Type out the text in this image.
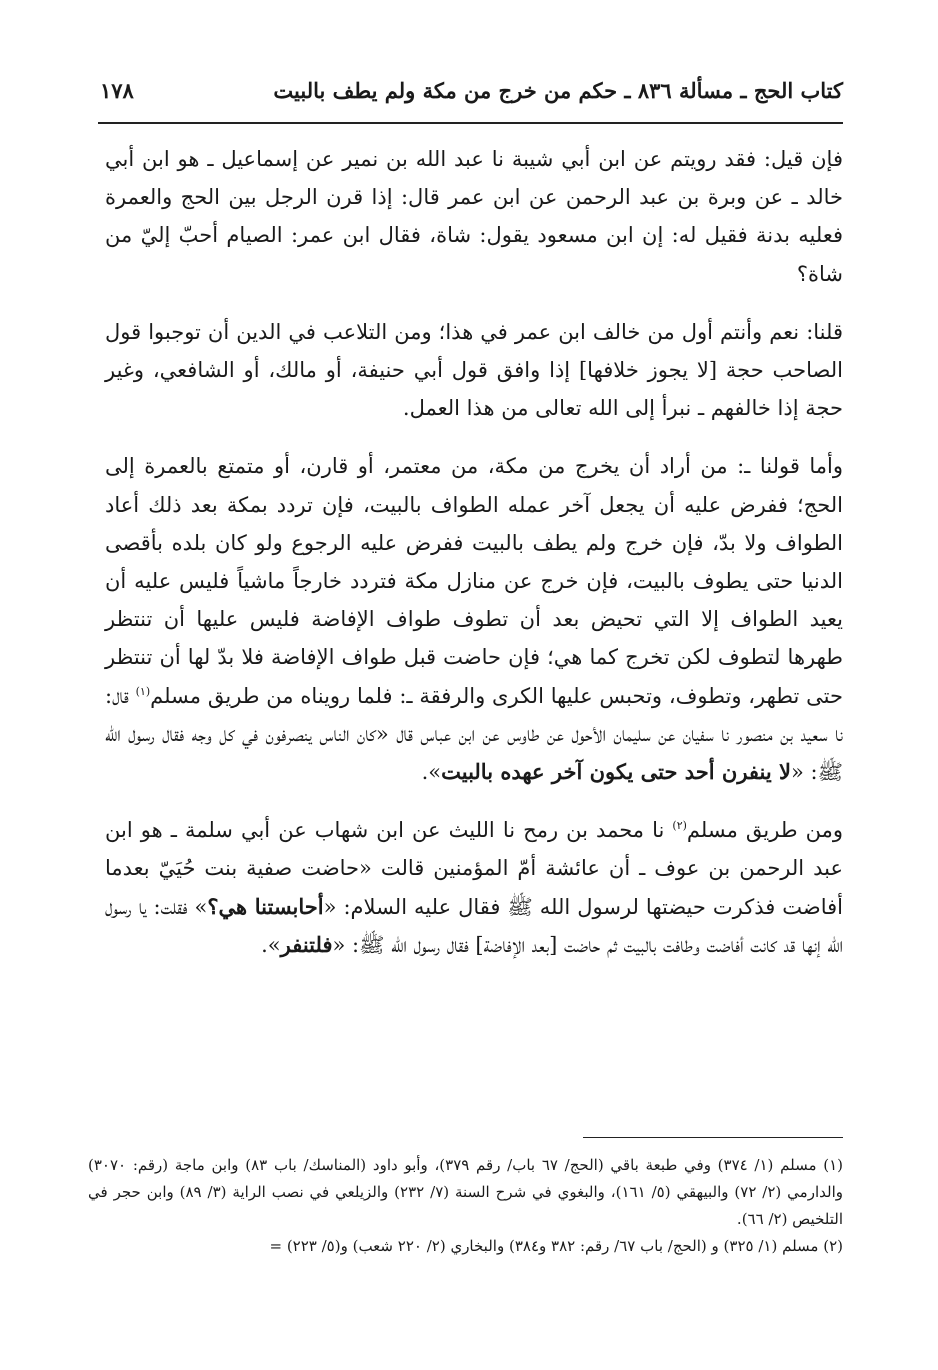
كتاب الحج ـ مسألة ٨٣٦ ـ حكم من خرج من مكة ولم يطف بالبيت
١٧٨

فإن قيل: فقد رويتم عن ابن أبي شيبة نا عبد الله بن نمير عن إسماعيل ـ هو ابن أبي خالد ـ عن وبرة بن عبد الرحمن عن ابن عمر قال: إذا قرن الرجل بين الحج والعمرة فعليه بدنة فقيل له: إن ابن مسعود يقول: شاة، فقال ابن عمر: الصيام أحبّ إليّ من شاة؟

قلنا: نعم وأنتم أول من خالف ابن عمر في هذا؛ ومن التلاعب في الدين أن توجبوا قول الصاحب حجة [لا يجوز خلافها] إذا وافق قول أبي حنيفة، أو مالك، أو الشافعي، وغير حجة إذا خالفهم ـ نبرأ إلى الله تعالى من هذا العمل.

وأما قولنا ـ: من أراد أن يخرج من مكة، من معتمر، أو قارن، أو متمتع بالعمرة إلى الحج؛ ففرض عليه أن يجعل آخر عمله الطواف بالبيت، فإن تردد بمكة بعد ذلك أعاد الطواف ولا بدّ، فإن خرج ولم يطف بالبيت ففرض عليه الرجوع ولو كان بلده بأقصى الدنيا حتى يطوف بالبيت، فإن خرج عن منازل مكة فتردد خارجاً ماشياً فليس عليه أن يعيد الطواف إلا التي تحيض بعد أن تطوف طواف الإفاضة فليس عليها أن تنتظر طهرها لتطوف لكن تخرج كما هي؛ فإن حاضت قبل طواف الإفاضة فلا بدّ لها أن تنتظر حتى تطهر، وتطوف، وتحبس عليها الكرى والرفقة ـ: فلما رويناه من طريق مسلم$^{(١)}$ قال: نا سعيد بن منصور نا سفيان عن سليمان الأحول عن طاوس عن ابن عباس قال «كان الناس ينصرفون في كل وجه فقال رسول الله ﷺ: «لا ينفرن أحد حتى يكون آخر عهده بالبيت».

ومن طريق مسلم$^{(٢)}$ نا محمد بن رمح نا الليث عن ابن شهاب عن أبي سلمة ـ هو ابن عبد الرحمن بن عوف ـ أن عائشة أمّ المؤمنين قالت «حاضت صفية بنت حُيَيّ بعدما أفاضت فذكرت حيضتها لرسول الله ﷺ فقال عليه السلام: «أحابستنا هي؟» فقلت: يا رسول الله إنها قد كانت أفاضت وطافت بالبيت ثم حاضت [بعد الإفاضة] فقال رسول الله ﷺ: «فلتنفر».

(١) مسلم (١/ ٣٧٤) وفي طبعة باقي (الحج/ ٦٧ باب/ رقم ٣٧٩)، وأبو داود (المناسك/ باب ٨٣) وابن ماجة (رقم: ٣٠٧٠) والدارمي (٢/ ٧٢) والبيهقي (٥/ ١٦١)، والبغوي في شرح السنة (٧/ ٢٣٢) والزيلعي في نصب الراية (٣/ ٨٩) وابن حجر في التلخيص (٢/ ٦٦).

(٢) مسلم (١/ ٣٢٥) و (الحج/ باب ٦٧/ رقم: ٣٨٢ و٣٨٤) والبخاري (٢/ ٢٢٠ شعب) و(٥/ ٢٢٣) =
